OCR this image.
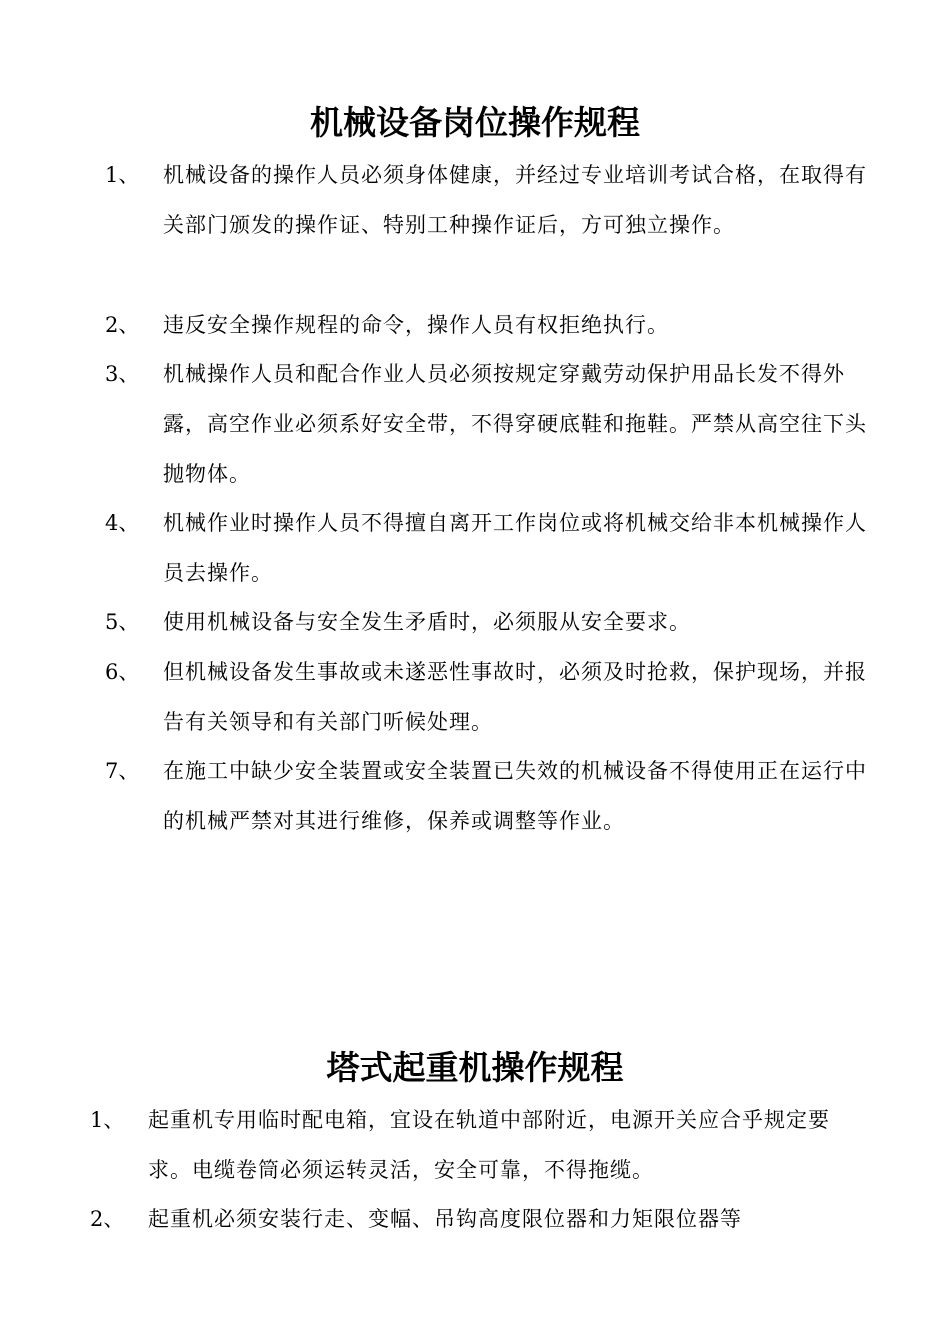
机械设备岗位操作规程
1、 机械设备的操作人员必须身体健康，并经过专业培训考试合格，在取得有关部门颁发的操作证、特别工种操作证后，方可独立操作。
2、 违反安全操作规程的命令，操作人员有权拒绝执行。
3、 机械操作人员和配合作业人员必须按规定穿戴劳动保护用品长发不得外露，高空作业必须系好安全带，不得穿硬底鞋和拖鞋。严禁从高空往下头抛物体。
4、 机械作业时操作人员不得擅自离开工作岗位或将机械交给非本机械操作人员去操作。
5、 使用机械设备与安全发生矛盾时，必须服从安全要求。
6、 但机械设备发生事故或未遂恶性事故时，必须及时抢救，保护现场，并报告有关领导和有关部门听候处理。
7、 在施工中缺少安全装置或安全装置已失效的机械设备不得使用正在运行中的机械严禁对其进行维修，保养或调整等作业。
塔式起重机操作规程
1、 起重机专用临时配电箱，宜设在轨道中部附近，电源开关应合乎规定要求。电缆卷筒必须运转灵活，安全可靠，不得拖缆。
2、 起重机必须安装行走、变幅、吊钩高度限位器和力矩限位器等
